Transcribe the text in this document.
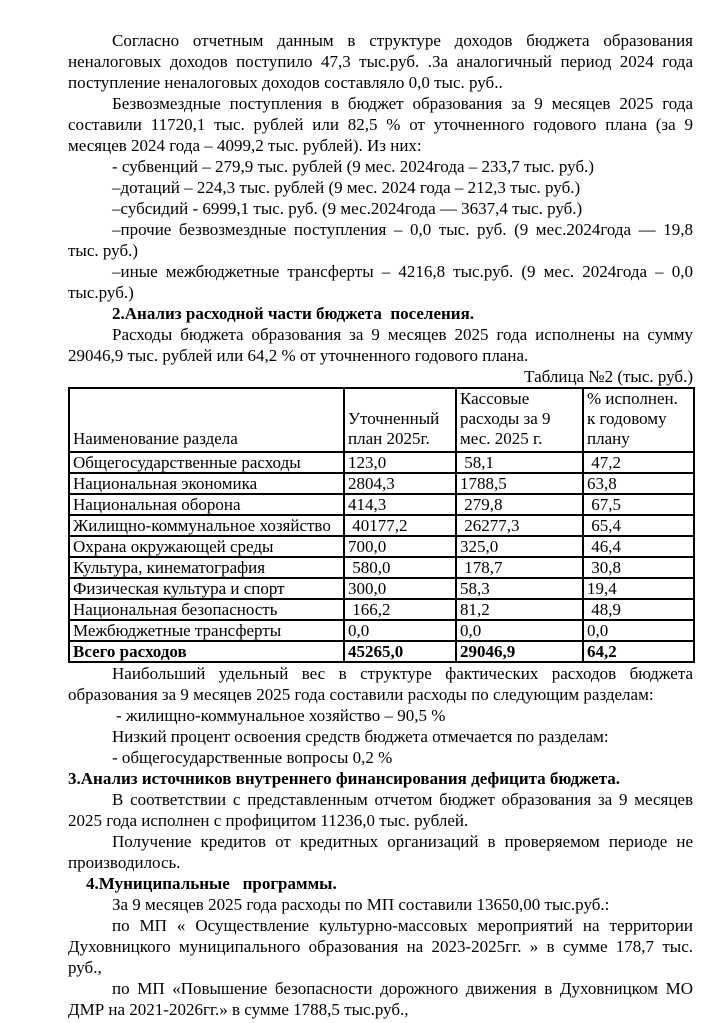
Согласно отчетным данным в структуре доходов бюджета образования неналоговых доходов поступило 47,3 тыс.руб. .За аналогичный период 2024 года поступление неналоговых доходов составляло 0,0 тыс. руб..

Безвозмездные поступления в бюджет образования за 9 месяцев 2025 года составили 11720,1 тыс. рублей или 82,5 % от уточненного годового плана (за 9 месяцев 2024 года – 4099,2 тыс. рублей). Из них:

- субвенций – 279,9 тыс. рублей (9 мес. 2024года – 233,7 тыс. руб.)

–дотаций – 224,3 тыс. рублей (9 мес. 2024 года – 212,3 тыс. руб.)

–субсидий - 6999,1 тыс. руб. (9 мес.2024года — 3637,4 тыс. руб.)

–прочие безвозмездные поступления – 0,0 тыс. руб. (9 мес.2024года — 19,8 тыс. руб.)

–иные межбюджетные трансферты – 4216,8 тыс.руб. (9 мес. 2024года – 0,0 тыс.руб.)

2.Анализ расходной части бюджета  поселения.

Расходы бюджета образования за 9 месяцев 2025 года исполнены на сумму 29046,9 тыс. рублей или 64,2 % от уточненного годового плана.

Таблица №2 (тыс. руб.)

Наименование раздела	Уточненный план 2025г.	Кассовые расходы за 9 мес. 2025 г.	% исполнен. к годовому плану
Общегосударственные расходы	123,0	58,1	47,2
Национальная экономика	2804,3	1788,5	63,8
Национальная оборона	414,3	279,8	67,5
Жилищно-коммунальное хозяйство	40177,2	26277,3	65,4
Охрана окружающей среды	700,0	325,0	46,4
Культура, кинематография	580,0	178,7	30,8
Физическая культура и спорт	300,0	58,3	19,4
Национальная безопасность	166,2	81,2	48,9
Межбюджетные трансферты	0,0	0,0	0,0
Всего расходов	45265,0	29046,9	64,2

Наибольший удельный вес в структуре фактических расходов бюджета образования за 9 месяцев 2025 года составили расходы по следующим разделам:

- жилищно-коммунальное хозяйство – 90,5 %

Низкий процент освоения средств бюджета отмечается по разделам:

- общегосударственные вопросы 0,2 %

3.Анализ источников внутреннего финансирования дефицита бюджета.

В соответствии с представленным отчетом бюджет образования за 9 месяцев 2025 года исполнен с профицитом 11236,0 тыс. рублей.

Получение кредитов от кредитных организаций в проверяемом периоде не производилось.

4.Муниципальные   программы.

За 9 месяцев 2025 года расходы по МП составили 13650,00 тыс.руб.:

по МП « Осуществление культурно-массовых мероприятий на территории Духовницкого муниципального образования на 2023-2025гг. » в сумме 178,7 тыс. руб.,

по МП «Повышение безопасности дорожного движения в Духовницком МО ДМР на 2021-2026гг.» в сумме 1788,5 тыс.руб.,
